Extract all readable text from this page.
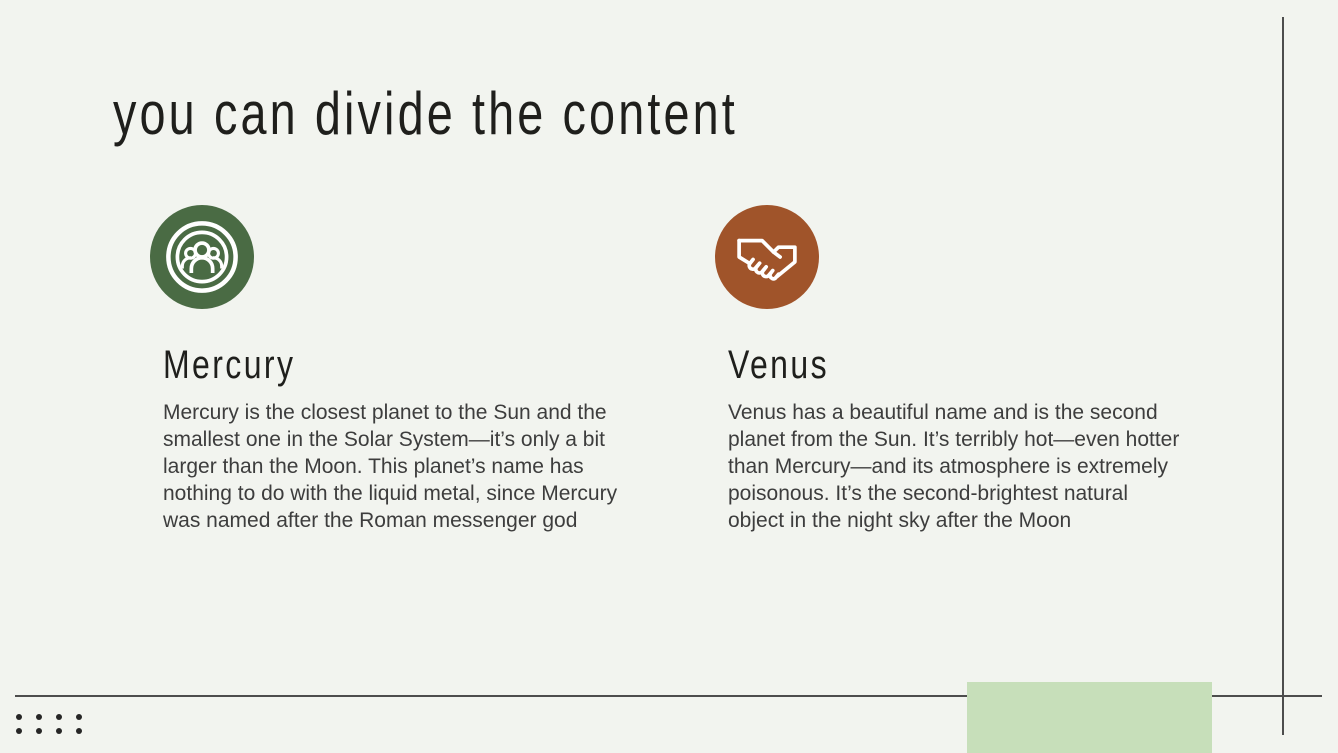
you can divide the content
Mercury

Mercury is the closest planet to the Sun and the smallest one in the Solar System—it’s only a bit larger than the Moon. This planet’s name has nothing to do with the liquid metal, since Mercury was named after the Roman messenger god

Venus

Venus has a beautiful name and is the second planet from the Sun. It’s terribly hot—even hotter than Mercury—and its atmosphere is extremely poisonous. It’s the second-brightest natural object in the night sky after the Moon
